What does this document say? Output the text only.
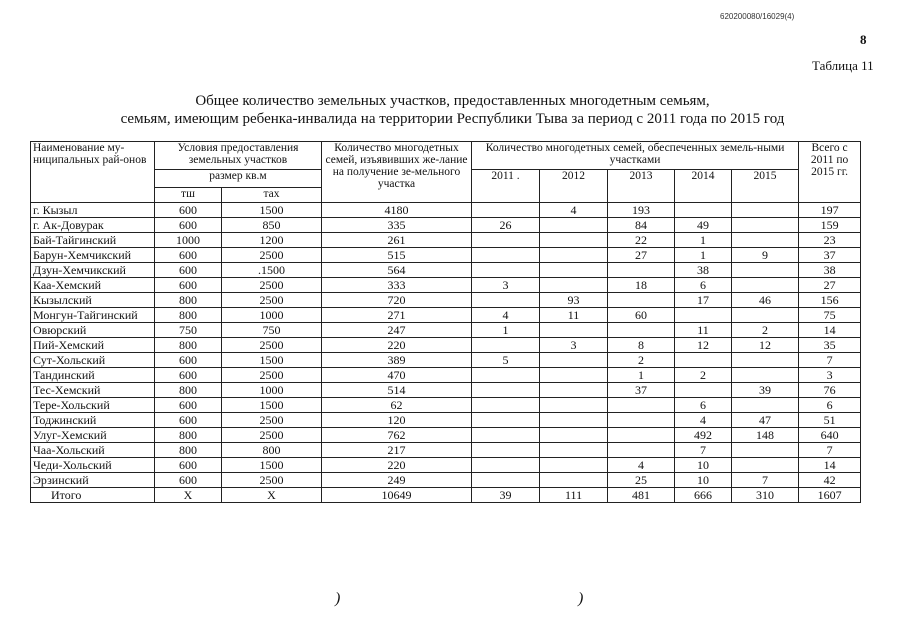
620200080/16029(4)
8
Таблица 11
Общее количество земельных участков, предоставленных многодетным семьям,
семьям, имеющим ребенка-инвалида на территории Республики Тыва за период с 2011 года по 2015 год
Наименование му-ниципальных рай-онов	Условия предоставления земельных участков		Количество многодетных семей, изъявивших же-лание на получение зе-мельного участка	Количество многодетных семей, обеспеченных земель-ными участками					Всего с 2011 по 2015 гг.
	размер кв.м			2011 .	2012	2013	2014	2015	
	тш	тах							
г. Кызыл	600	1500	4180		4	193			197
г. Ак-Довурак	600	850	335	26		84	49		159
Бай-Тайгинский	1000	1200	261			22	1		23
Барун-Хемчикский	600	2500	515			27	1	9	37
Дзун-Хемчикский	600	.1500	564				38		38
Каа-Хемский	600	2500	333	3		18	6		27
Кызылский	800	2500	720		93		17	46	156
Монгун-Тайгинский	800	1000	271	4	11	60			75
Овюрский	750	750	247	1			11	2	14
Пий-Хемский	800	2500	220		3	8	12	12	35
Сут-Хольский	600	1500	389	5		2			7
Тандинский	600	2500	470			1	2		3
Тес-Хемский	800	1000	514			37		39	76
Тере-Хольский	600	1500	62				6		6
Тоджинский	600	2500	120				4	47	51
Улуг-Хемский	800	2500	762				492	148	640
Чаа-Хольский	800	800	217				7		7
Чеди-Хольский	600	1500	220			4	10		14
Эрзинский	600	2500	249			25	10	7	42
Итого	X	X	10649	39	111	481	666	310	1607
)	)
